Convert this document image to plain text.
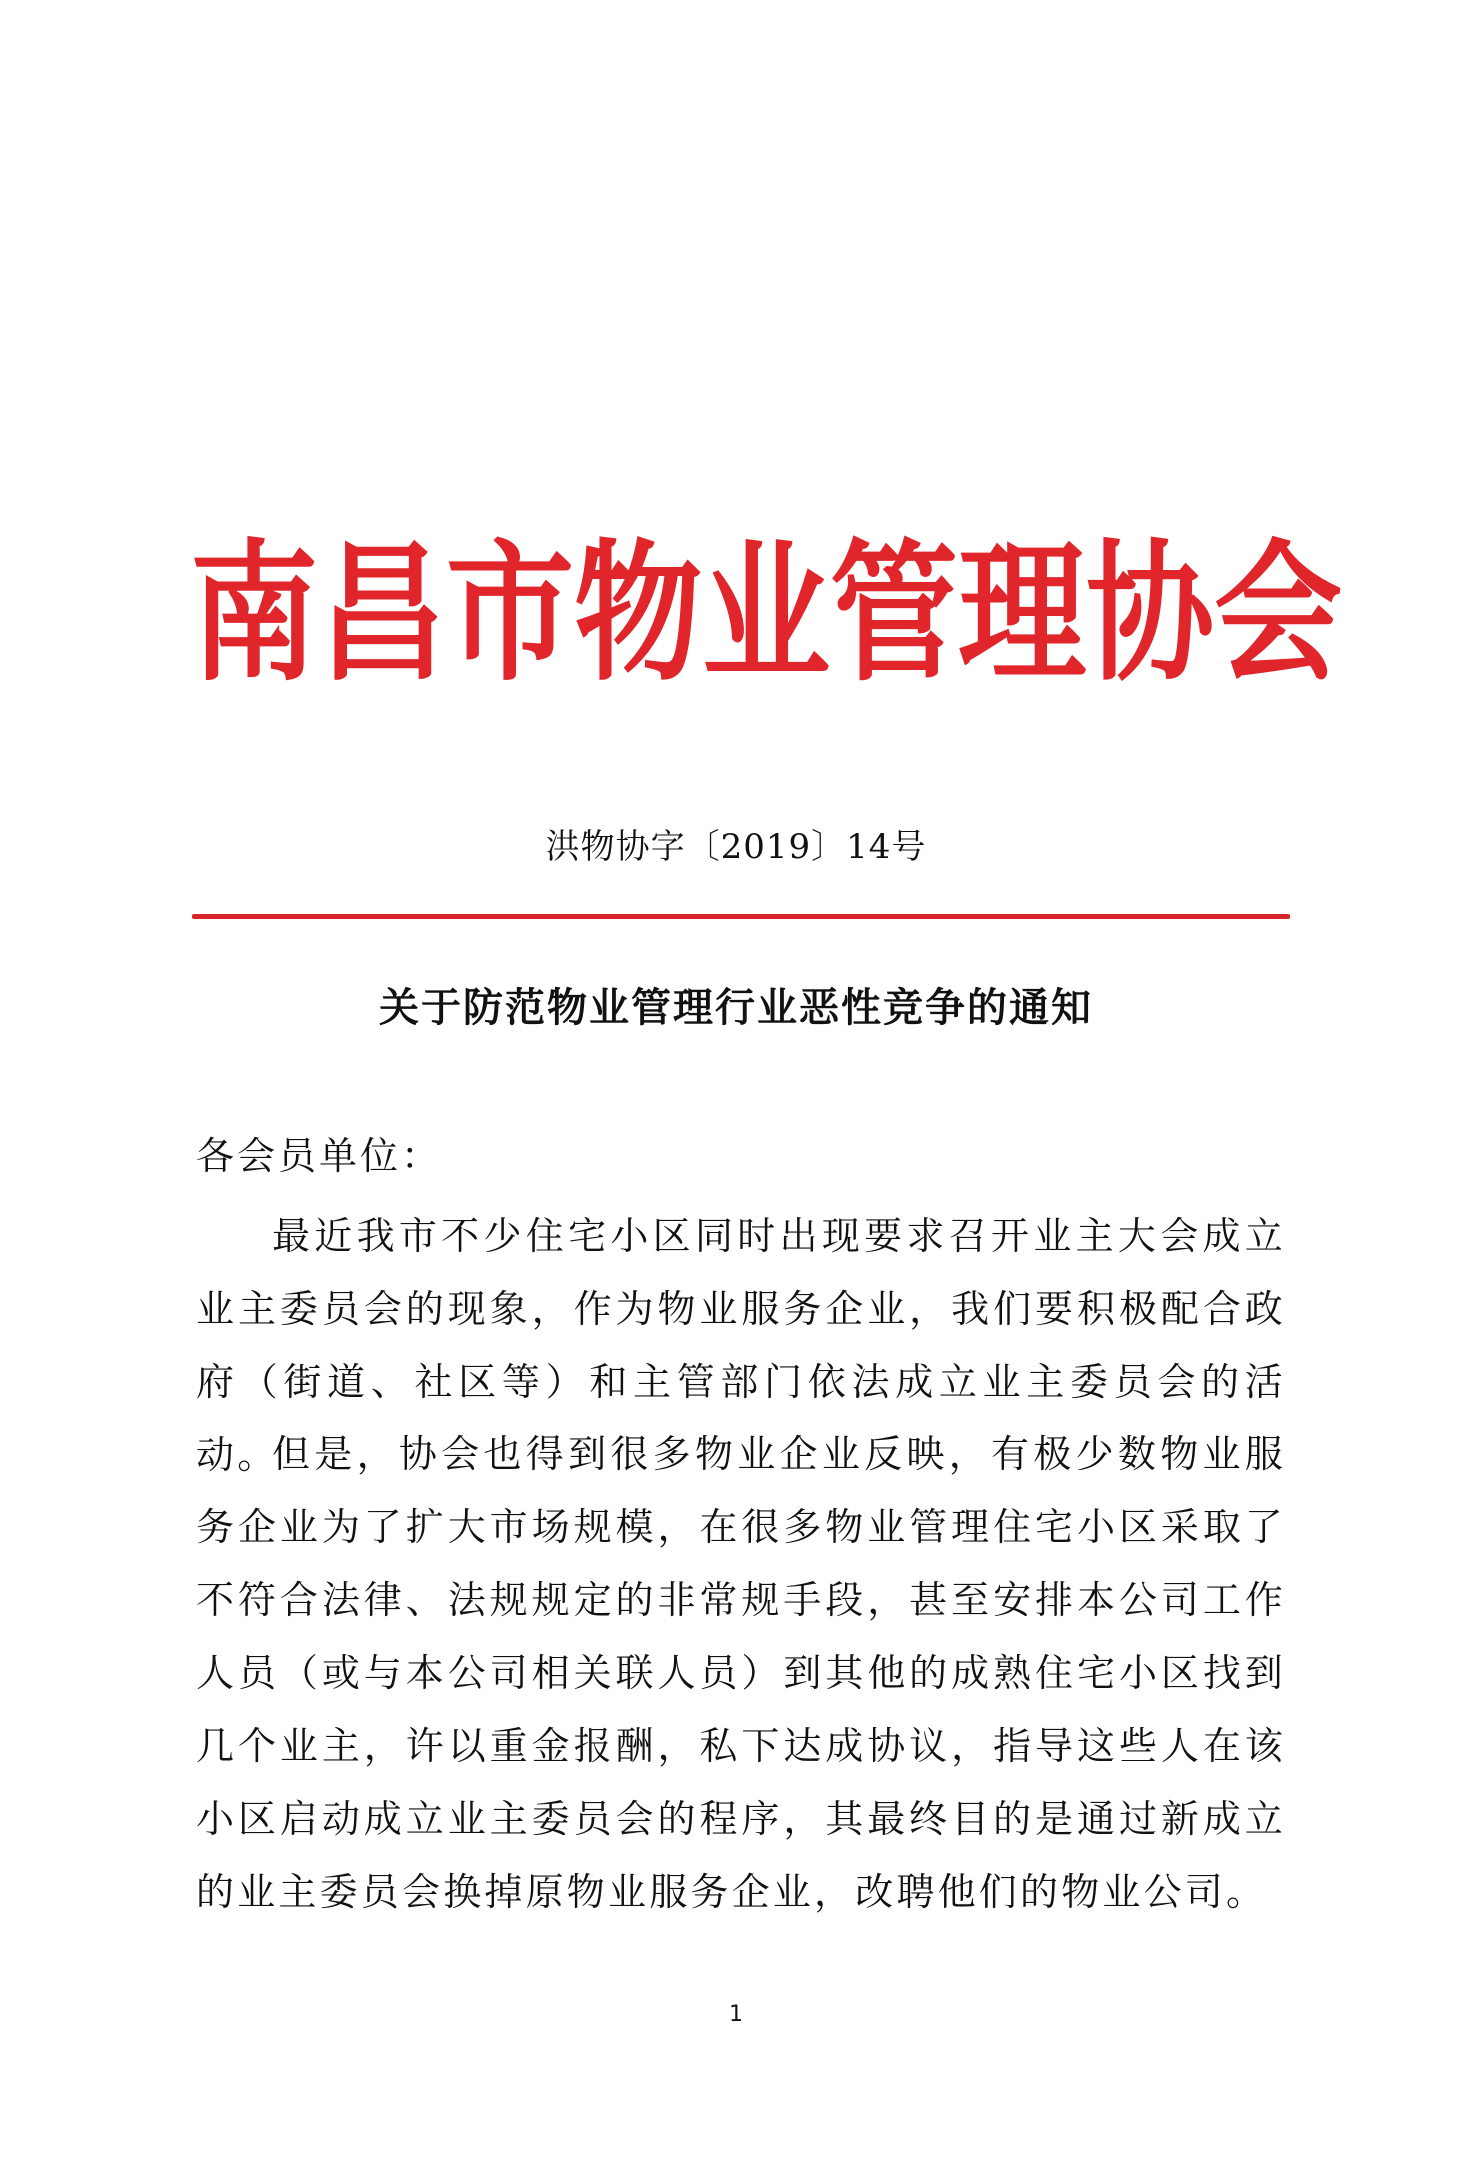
南 昌 市 物 业 管 理 协 会
洪物协字〔2019〕14号
关于防范物业管理行业恶性竞争的通知

各会员单位：

最近我市不少住宅小区同时出现要求召开业主大会成立业主委员会的现象，作为物业服务企业，我们要积极配合政府（街道、社区等）和主管部门依法成立业主委员会的活动。

但是，协会也得到很多物业企业反映，有极少数物业服务企业为了扩大市场规模，在很多物业管理住宅小区采取了不符合法律、法规规定的非常规手段，甚至安排本公司工作人员（或与本公司相关联人员）到其他的成熟住宅小区找到几个业主，许以重金报酬，私下达成协议，指导这些人在该小区启动成立业主委员会的程序，其最终目的是通过新成立的业主委员会换掉原物业服务企业，改聘他们的物业公司。

1
